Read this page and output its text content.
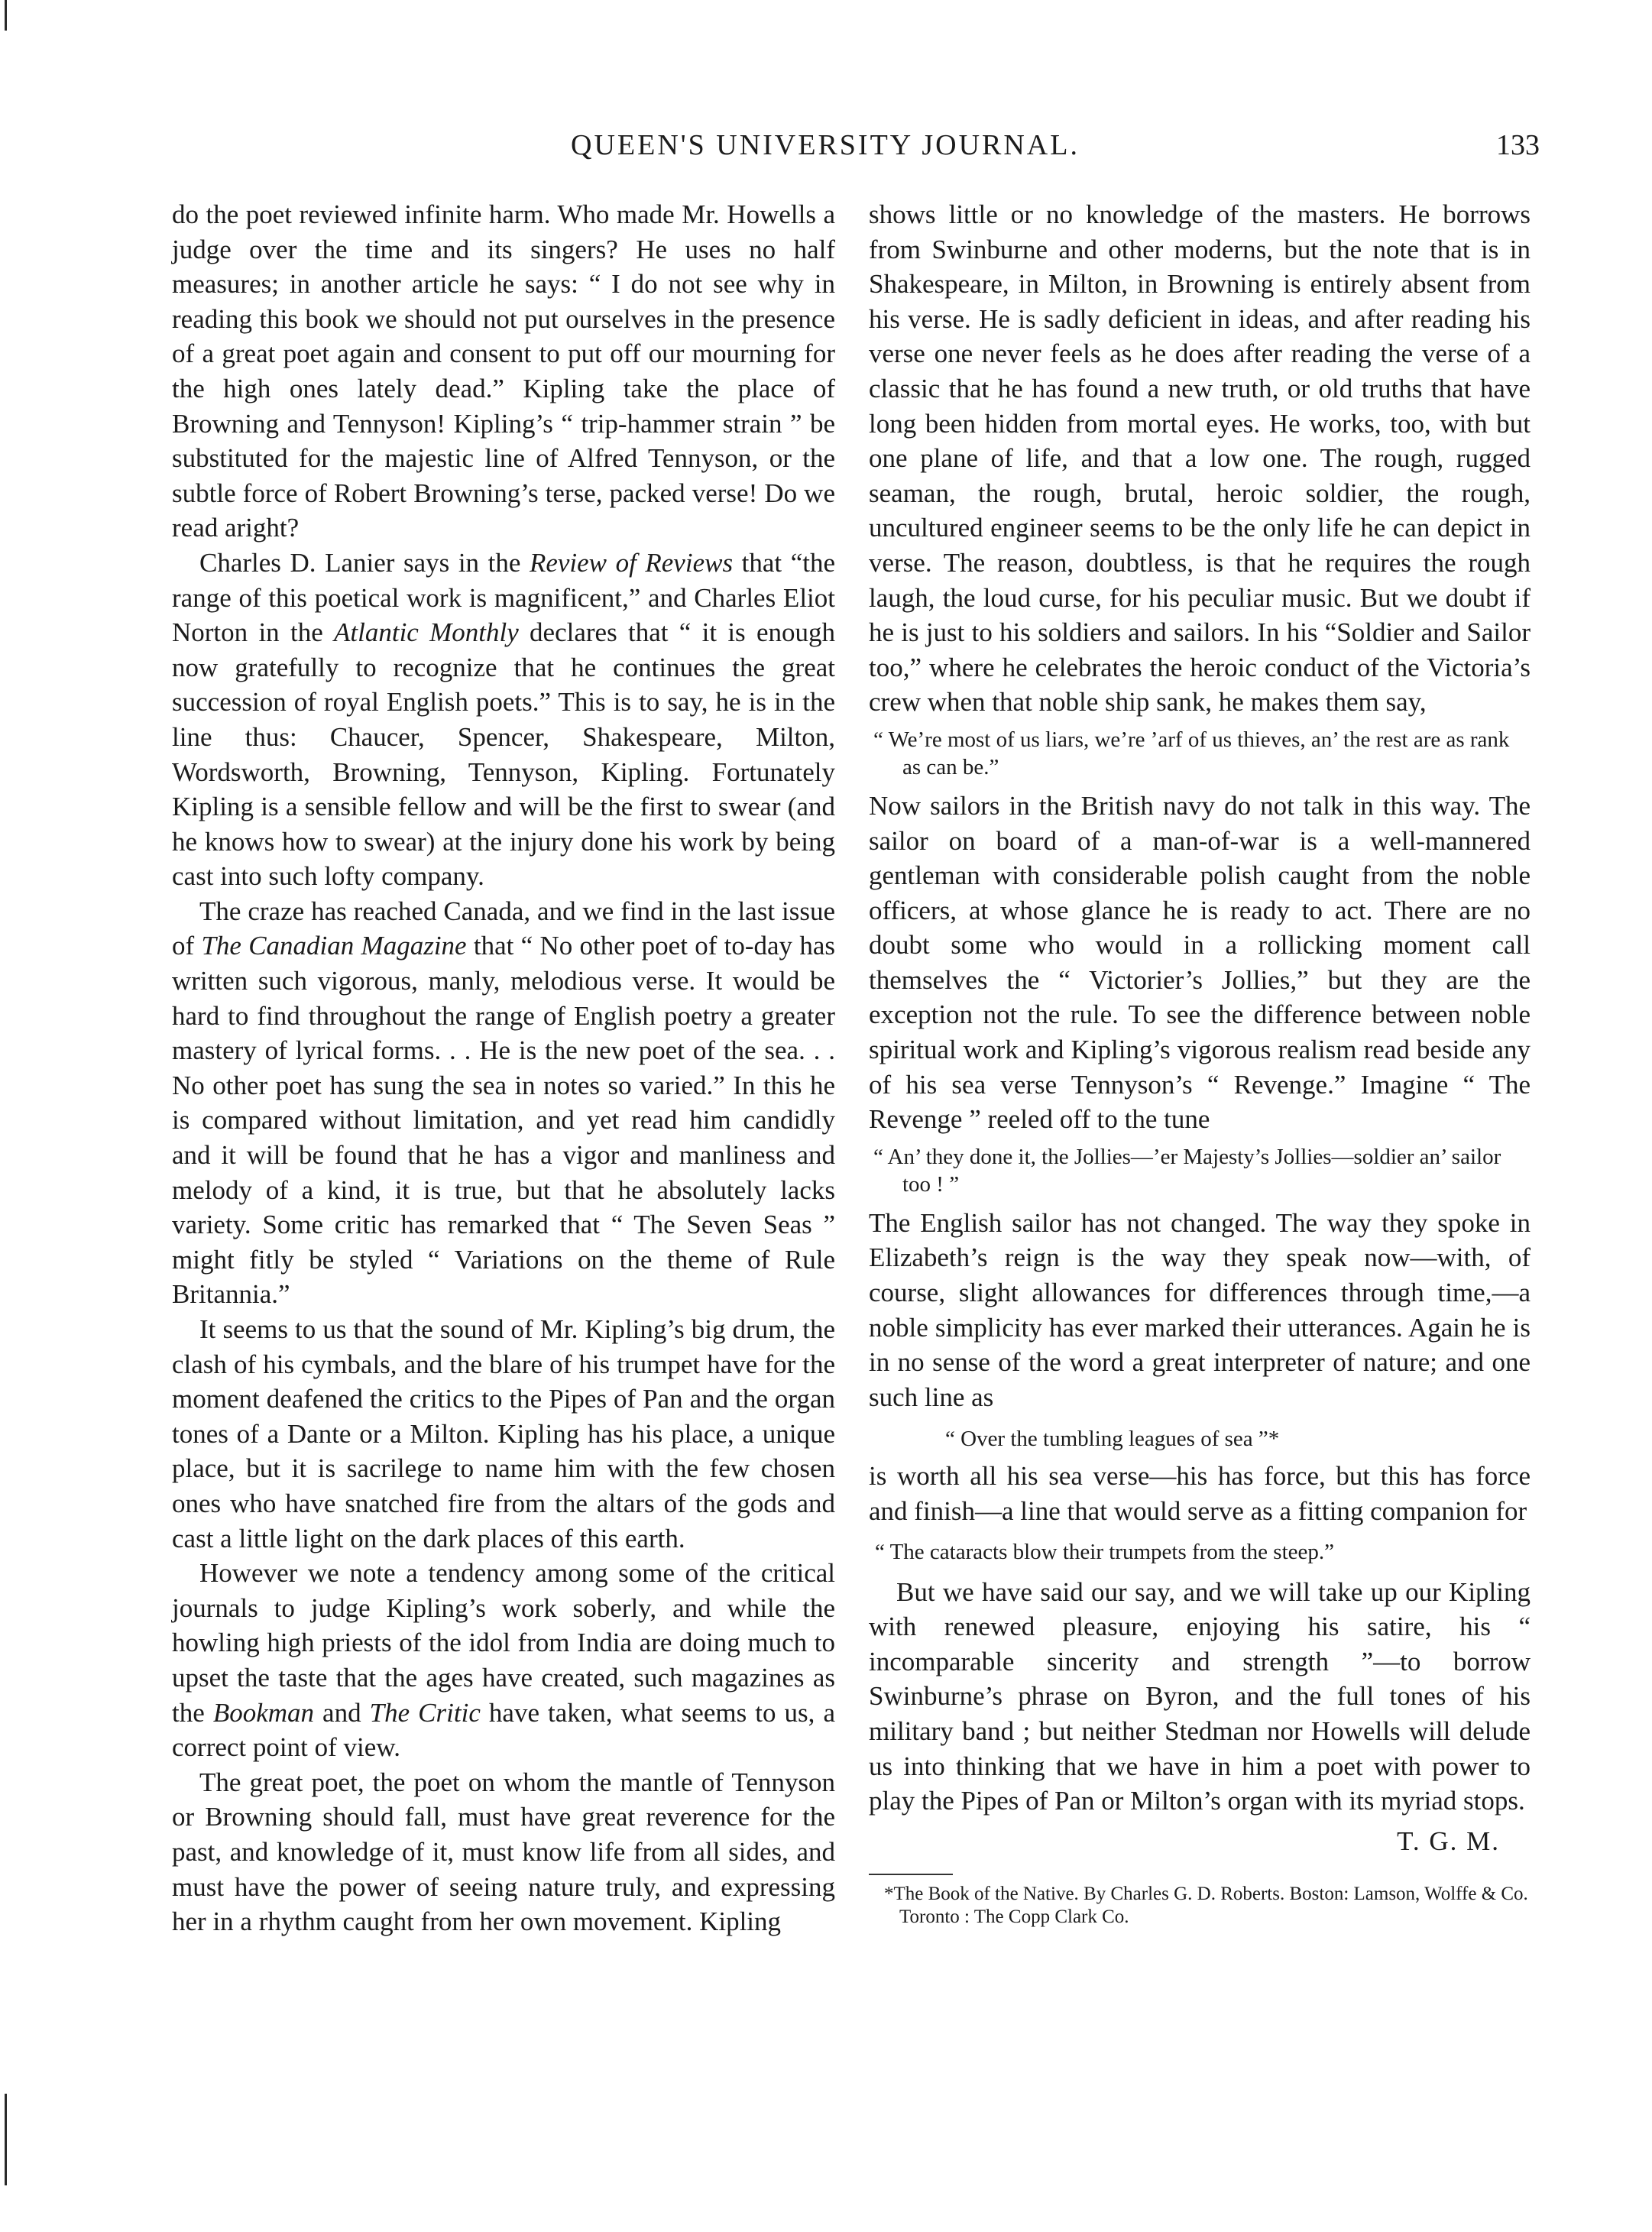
QUEEN'S UNIVERSITY JOURNAL.	133

do the poet reviewed infinite harm. Who made Mr. Howells a judge over the time and its singers? He uses no half measures; in another article he says: “ I do not see why in reading this book we should not put ourselves in the presence of a great poet again and consent to put off our mourning for the high ones lately dead.” Kipling take the place of Browning and Tennyson! Kipling’s “ trip-hammer strain ” be substituted for the majestic line of Alfred Tennyson, or the subtle force of Robert Browning’s terse, packed verse! Do we read aright?

Charles D. Lanier says in the Review of Reviews that “the range of this poetical work is magnificent,” and Charles Eliot Norton in the Atlantic Monthly declares that “ it is enough now gratefully to recognize that he continues the great succession of royal English poets.” This is to say, he is in the line thus: Chaucer, Spencer, Shakespeare, Milton, Wordsworth, Browning, Tennyson, Kipling. Fortunately Kipling is a sensible fellow and will be the first to swear (and he knows how to swear) at the injury done his work by being cast into such lofty company.

The craze has reached Canada, and we find in the last issue of The Canadian Magazine that “ No other poet of to-day has written such vigorous, manly, melodious verse. It would be hard to find throughout the range of English poetry a greater mastery of lyrical forms. . . He is the new poet of the sea. . . No other poet has sung the sea in notes so varied.” In this he is compared without limitation, and yet read him candidly and it will be found that he has a vigor and manliness and melody of a kind, it is true, but that he absolutely lacks variety. Some critic has remarked that “ The Seven Seas ” might fitly be styled “ Variations on the theme of Rule Britannia.”

It seems to us that the sound of Mr. Kipling’s big drum, the clash of his cymbals, and the blare of his trumpet have for the moment deafened the critics to the Pipes of Pan and the organ tones of a Dante or a Milton. Kipling has his place, a unique place, but it is sacrilege to name him with the few chosen ones who have snatched fire from the altars of the gods and cast a little light on the dark places of this earth.

However we note a tendency among some of the critical journals to judge Kipling’s work soberly, and while the howling high priests of the idol from India are doing much to upset the taste that the ages have created, such magazines as the Bookman and The Critic have taken, what seems to us, a correct point of view.

The great poet, the poet on whom the mantle of Tennyson or Browning should fall, must have great reverence for the past, and knowledge of it, must know life from all sides, and must have the power of seeing nature truly, and expressing her in a rhythm caught from her own movement. Kipling

shows little or no knowledge of the masters. He borrows from Swinburne and other moderns, but the note that is in Shakespeare, in Milton, in Browning is entirely absent from his verse. He is sadly deficient in ideas, and after reading his verse one never feels as he does after reading the verse of a classic that he has found a new truth, or old truths that have long been hidden from mortal eyes. He works, too, with but one plane of life, and that a low one. The rough, rugged seaman, the rough, brutal, heroic soldier, the rough, uncultured engineer seems to be the only life he can depict in verse. The reason, doubtless, is that he requires the rough laugh, the loud curse, for his peculiar music. But we doubt if he is just to his soldiers and sailors. In his “Soldier and Sailor too,” where he celebrates the heroic conduct of the Victoria’s crew when that noble ship sank, he makes them say,

“ We’re most of us liars, we’re ’arf of us thieves, an’ the rest are as rank as can be.”

Now sailors in the British navy do not talk in this way. The sailor on board of a man-of-war is a well-mannered gentleman with considerable polish caught from the noble officers, at whose glance he is ready to act. There are no doubt some who would in a rollicking moment call themselves the “ Victorier’s Jollies,” but they are the exception not the rule. To see the difference between noble spiritual work and Kipling’s vigorous realism read beside any of his sea verse Tennyson’s “ Revenge.” Imagine “ The Revenge ” reeled off to the tune

“ An’ they done it, the Jollies—’er Majesty’s Jollies—soldier an’ sailor too ! ”

The English sailor has not changed. The way they spoke in Elizabeth’s reign is the way they speak now—with, of course, slight allowances for differences through time,—a noble simplicity has ever marked their utterances. Again he is in no sense of the word a great interpreter of nature; and one such line as

“ Over the tumbling leagues of sea ”*

is worth all his sea verse—his has force, but this has force and finish—a line that would serve as a fitting companion for

“ The cataracts blow their trumpets from the steep.”

But we have said our say, and we will take up our Kipling with renewed pleasure, enjoying his satire, his “ incomparable sincerity and strength ”—to borrow Swinburne’s phrase on Byron, and the full tones of his military band ; but neither Stedman nor Howells will delude us into thinking that we have in him a poet with power to play the Pipes of Pan or Milton’s organ with its myriad stops.

T. G. M.

*The Book of the Native. By Charles G. D. Roberts. Boston: Lamson, Wolffe & Co. Toronto : The Copp Clark Co.
